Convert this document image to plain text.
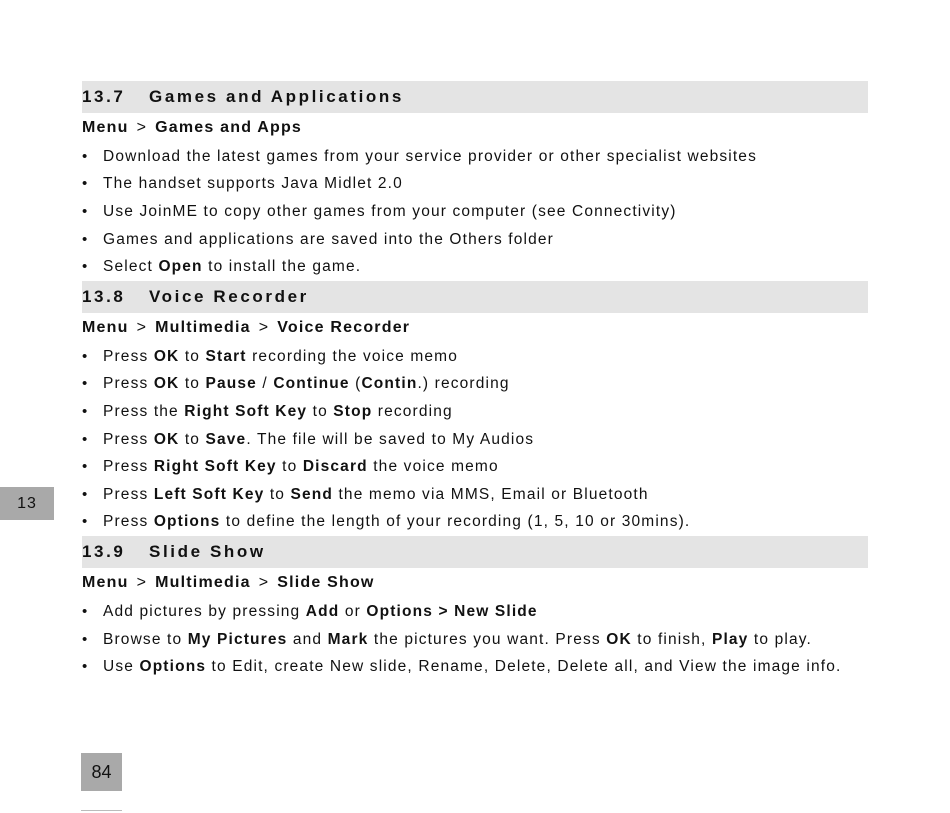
13.7	Games and Applications
Menu > Games and Apps
• Download the latest games from your service provider or other specialist websites
• The handset supports Java Midlet 2.0
• Use JoinME to copy other games from your computer (see Connectivity)
• Games and applications are saved into the Others folder
• Select Open to install the game.
13.8	Voice Recorder
Menu > Multimedia > Voice Recorder
• Press OK to Start recording the voice memo
• Press OK to Pause / Continue ( Contin .) recording
• Press the Right Soft Key to Stop recording
• Press OK to Save . The file will be saved to My Audios
• Press Right Soft Key to Discard the voice memo
• Press Left Soft Key to Send the memo via MMS, Email or Bluetooth
• Press Options to define the length of your recording (1, 5, 10 or 30mins).
13.9	Slide Show
Menu > Multimedia > Slide Show
• Add pictures by pressing Add or Options > New Slide
• Browse to My Pictures and Mark the pictures you want. Press OK to finish, Play to play.
• Use Options to Edit, create New slide, Rename, Delete, Delete all, and View the image info.
13
84
